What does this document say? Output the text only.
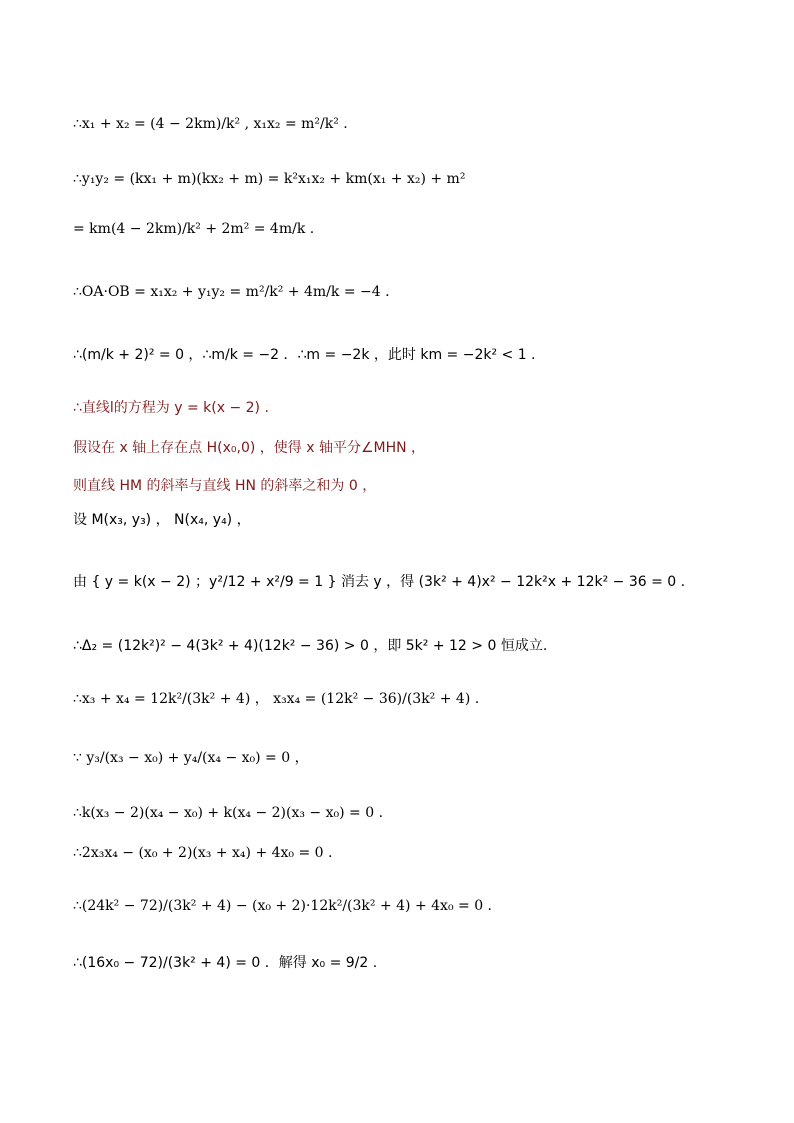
∴x₁ + x₂ = (4 − 2km)/k² , x₁x₂ = m²/k² .
∴y₁y₂ = (kx₁ + m)(kx₂ + m) = k²x₁x₂ + km(x₁ + x₂) + m²
= km(4 − 2km)/k² + 2m² = 4m/k .
∴OA·OB = x₁x₂ + y₁y₂ = m²/k² + 4m/k = −4 .
∴(m/k + 2)² = 0 ，∴m/k = −2 ．∴m = −2k ，此时 km = −2k² < 1 .
∴直线l的方程为 y = k(x − 2) .
假设在 x 轴上存在点 H(x₀,0) ，使得 x 轴平分∠MHN ，
则直线 HM 的斜率与直线 HN 的斜率之和为 0 ，
设 M(x₃, y₃) ， N(x₄, y₄) ，
由 { y = k(x − 2) ；y²/12 + x²/9 = 1 } 消去 y ，得 (3k² + 4)x² − 12k²x + 12k² − 36 = 0 .
∴Δ₂ = (12k²)² − 4(3k² + 4)(12k² − 36) > 0 ，即 5k² + 12 > 0 恒成立.
∴x₃ + x₄ = 12k²/(3k² + 4) ， x₃x₄ = (12k² − 36)/(3k² + 4) .
∵ y₃/(x₃ − x₀) + y₄/(x₄ − x₀) = 0 ，
∴k(x₃ − 2)(x₄ − x₀) + k(x₄ − 2)(x₃ − x₀) = 0 .
∴2x₃x₄ − (x₀ + 2)(x₃ + x₄) + 4x₀ = 0 .
∴(24k² − 72)/(3k² + 4) − (x₀ + 2)·12k²/(3k² + 4) + 4x₀ = 0 .
∴(16x₀ − 72)/(3k² + 4) = 0 ．解得 x₀ = 9/2 .
